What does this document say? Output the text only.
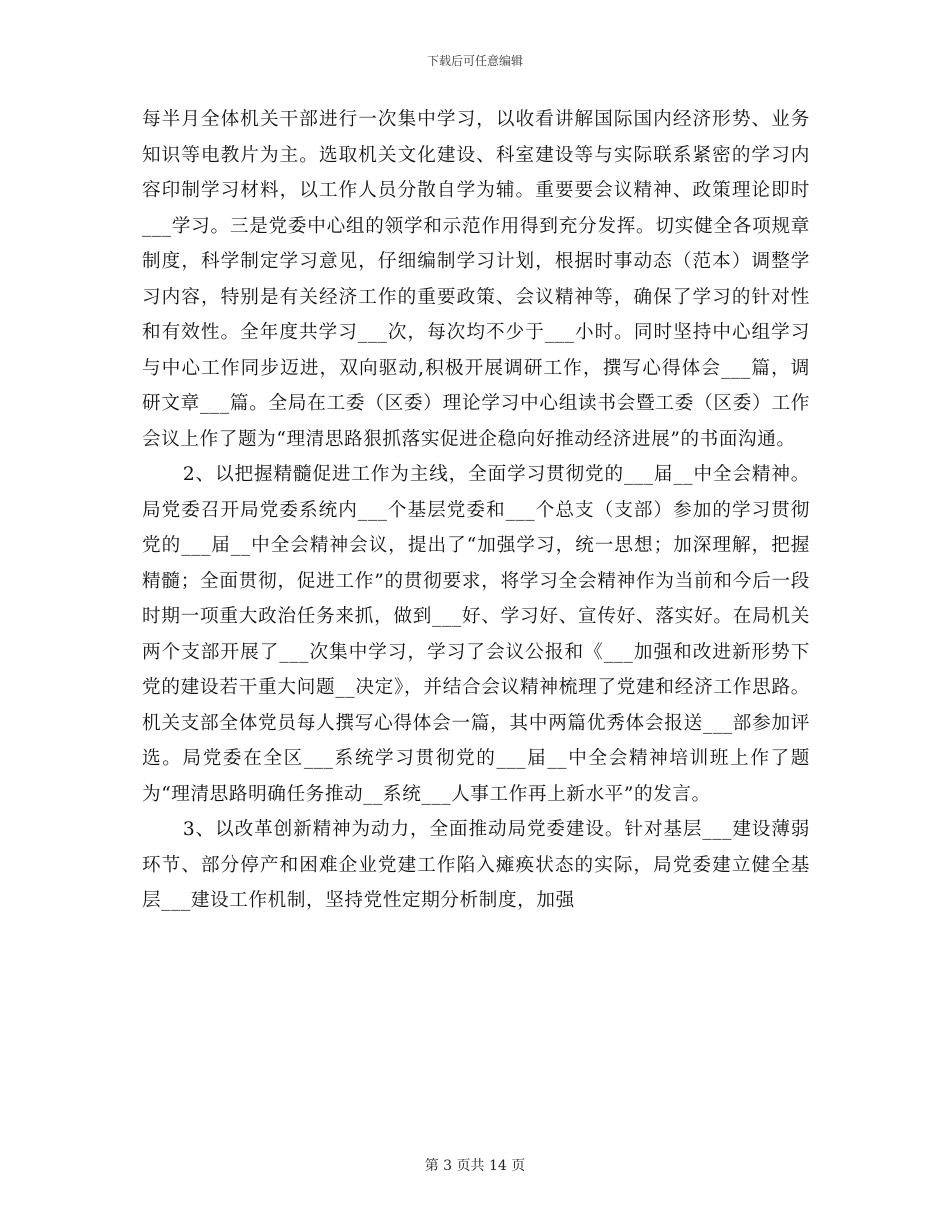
下载后可任意编辑

每半月全体机关干部进行一次集中学习，以收看讲解国际国内经济形势、业务知识等电教片为主。选取机关文化建设、科室建设等与实际联系紧密的学习内容印制学习材料，以工作人员分散自学为辅。重要要会议精神、政策理论即时___学习。三是党委中心组的领学和示范作用得到充分发挥。切实健全各项规章制度，科学制定学习意见，仔细编制学习计划，根据时事动态（范本）调整学习内容，特别是有关经济工作的重要政策、会议精神等，确保了学习的针对性和有效性。全年度共学习___次，每次均不少于___小时。同时坚持中心组学习与中心工作同步迈进，双向驱动,积极开展调研工作，撰写心得体会___篇，调研文章___篇。全局在工委（区委）理论学习中心组读书会暨工委（区委）工作会议上作了题为“理清思路狠抓落实促进企稳向好推动经济进展”的书面沟通。

2、以把握精髓促进工作为主线，全面学习贯彻党的___届__中全会精神。局党委召开局党委系统内___个基层党委和___个总支（支部）参加的学习贯彻党的___届__中全会精神会议，提出了“加强学习，统一思想；加深理解，把握精髓；全面贯彻，促进工作”的贯彻要求，将学习全会精神作为当前和今后一段时期一项重大政治任务来抓，做到___好、学习好、宣传好、落实好。在局机关两个支部开展了___次集中学习，学习了会议公报和《___加强和改进新形势下党的建设若干重大问题__决定》，并结合会议精神梳理了党建和经济工作思路。机关支部全体党员每人撰写心得体会一篇，其中两篇优秀体会报送___部参加评选。局党委在全区___系统学习贯彻党的___届__中全会精神培训班上作了题为“理清思路明确任务推动__系统___人事工作再上新水平”的发言。

3、以改革创新精神为动力，全面推动局党委建设。针对基层___建设薄弱环节、部分停产和困难企业党建工作陷入瘫痪状态的实际，局党委建立健全基层___建设工作机制，坚持党性定期分析制度，加强

第 3 页共 14 页
